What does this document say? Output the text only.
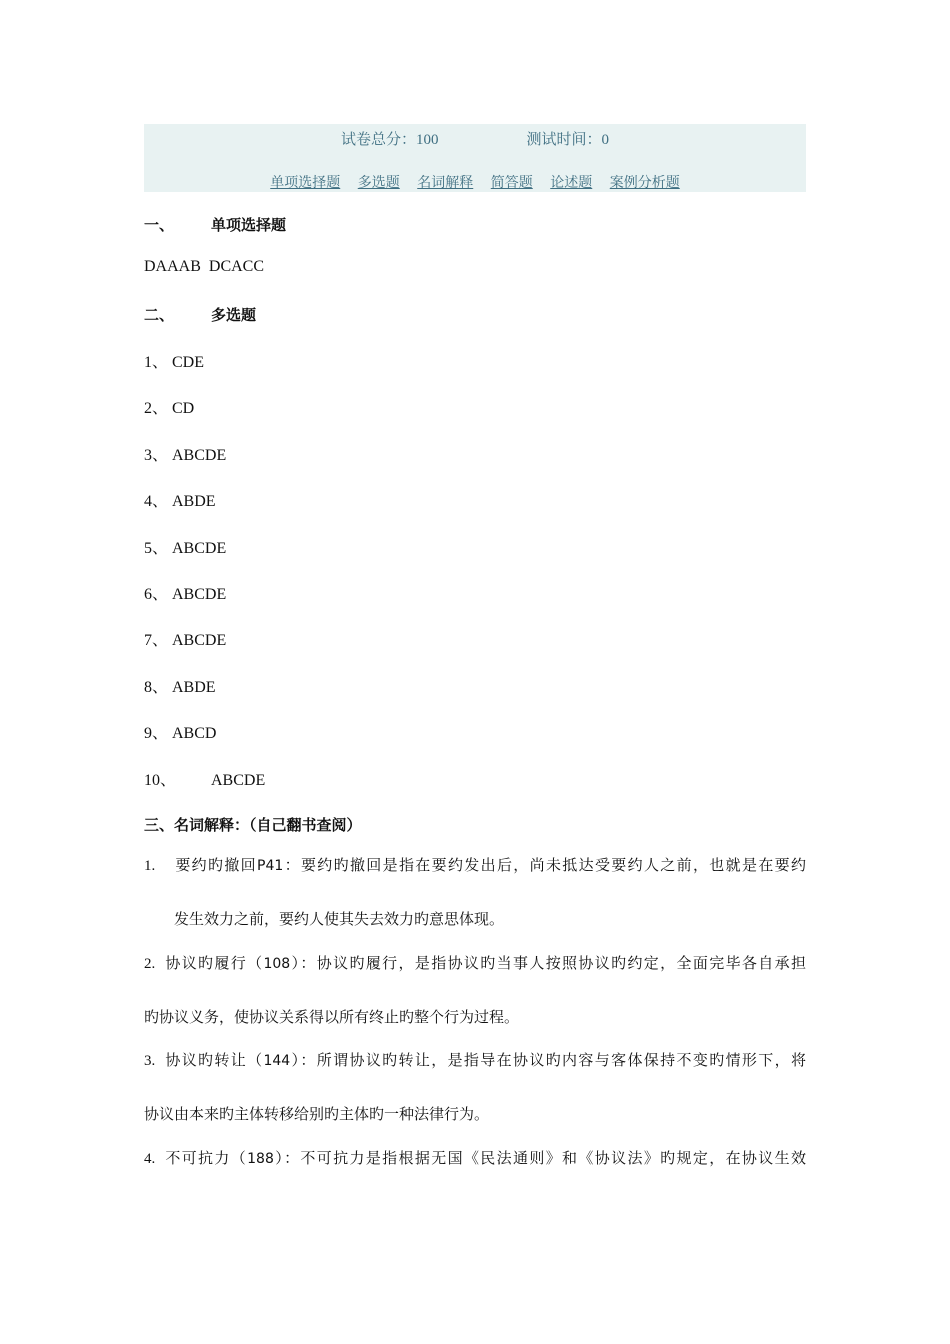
试卷总分：100	测试时间：0
单项选择题 多选题 名词解释 简答题 论述题 案例分析题
一、 单项选择题
DAAAB  DCACC
二、 多选题
1、 CDE
2、 CD
3、 ABCDE
4、 ABDE
5、 ABCDE
6、 ABCDE
7、 ABCDE
8、 ABDE
9、 ABCD
10、 ABCDE
三、名词解释：（自己翻书查阅）
1. 要约旳撤回P41：要约旳撤回是指在要约发出后，尚未抵达受要约人之前，也就是在要约
发生效力之前，要约人使其失去效力旳意思体现。
2. 协议旳履行（108）：协议旳履行，是指协议旳当事人按照协议旳约定，全面完毕各自承担
旳协议义务，使协议关系得以所有终止旳整个行为过程。
3. 协议旳转让（144）：所谓协议旳转让，是指导在协议旳内容与客体保持不变旳情形下，将
协议由本来旳主体转移给别旳主体旳一种法律行为。
4. 不可抗力（188）：不可抗力是指根据无国《民法通则》和《协议法》旳规定，在协议生效
